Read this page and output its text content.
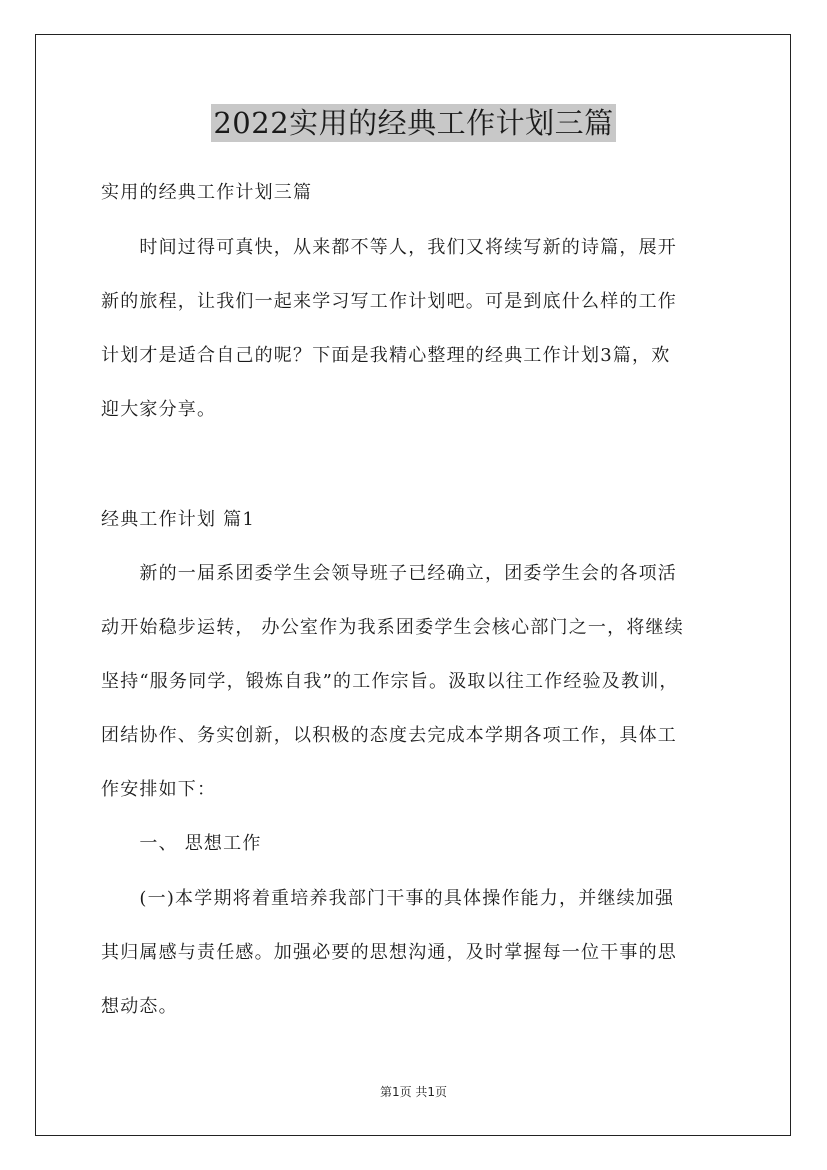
2022实用的经典工作计划三篇
实用的经典工作计划三篇
　　时间过得可真快，从来都不等人，我们又将续写新的诗篇，展开
新的旅程，让我们一起来学习写工作计划吧。可是到底什么样的工作
计划才是适合自己的呢？下面是我精心整理的经典工作计划3篇，欢
迎大家分享。
经典工作计划 篇1
　　新的一届系团委学生会领导班子已经确立，团委学生会的各项活
动开始稳步运转， 办公室作为我系团委学生会核心部门之一，将继续
坚持“服务同学，锻炼自我”的工作宗旨。汲取以往工作经验及教训，
团结协作、务实创新，以积极的态度去完成本学期各项工作，具体工
作安排如下：
　　一、 思想工作
　　(一)本学期将着重培养我部门干事的具体操作能力，并继续加强
其归属感与责任感。加强必要的思想沟通，及时掌握每一位干事的思
想动态。
第1页 共1页
